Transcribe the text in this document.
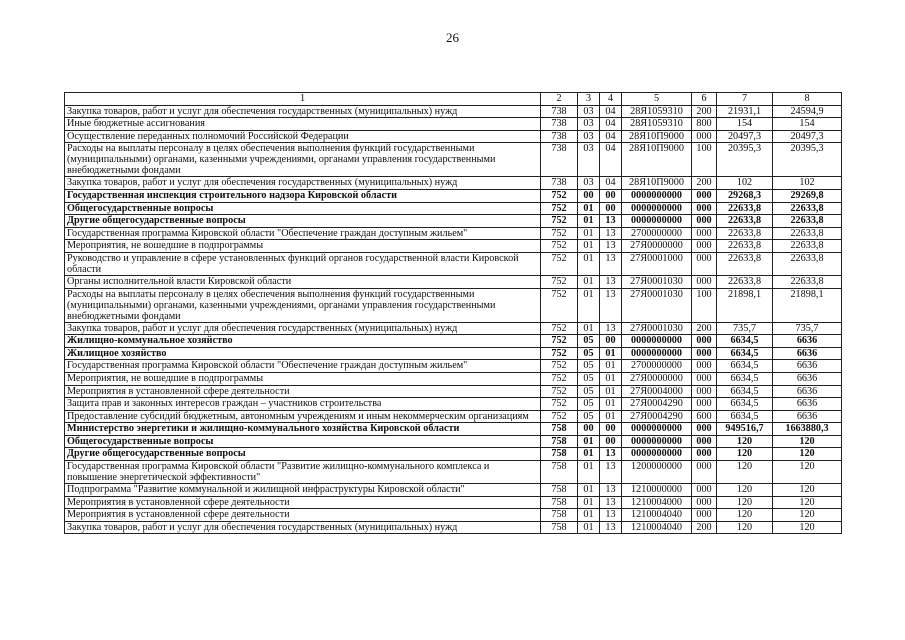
26
1	2	3	4	5	6	7	8
Закупка товаров, работ и услуг для обеспечения государственных (муниципальных) нужд	738	03	04	28Я1059310	200	21931,1	24594,9
Иные бюджетные ассигнования	738	03	04	28Я1059310	800	154	154
Осуществление переданных полномочий Российской Федерации	738	03	04	28Я10П9000	000	20497,3	20497,3
Расходы на выплаты персоналу в целях обеспечения выполнения функций государственными (муниципальными) органами, казенными учреждениями, органами управления государственными внебюджетными фондами	738	03	04	28Я10П9000	100	20395,3	20395,3
Закупка товаров, работ и услуг для обеспечения государственных (муниципальных) нужд	738	03	04	28Я10П9000	200	102	102
Государственная инспекция строительного надзора Кировской области	752	00	00	0000000000	000	29268,3	29269,8
Общегосударственные вопросы	752	01	00	0000000000	000	22633,8	22633,8
Другие общегосударственные вопросы	752	01	13	0000000000	000	22633,8	22633,8
Государственная программа Кировской области "Обеспечение граждан доступным жильем"	752	01	13	2700000000	000	22633,8	22633,8
Мероприятия, не вошедшие в подпрограммы	752	01	13	27Я0000000	000	22633,8	22633,8
Руководство и управление в сфере установленных функций органов государственной власти Кировской области	752	01	13	27Я0001000	000	22633,8	22633,8
Органы исполнительной власти Кировской области	752	01	13	27Я0001030	000	22633,8	22633,8
Расходы на выплаты персоналу в целях обеспечения выполнения функций государственными (муниципальными) органами, казенными учреждениями, органами управления государственными внебюджетными фондами	752	01	13	27Я0001030	100	21898,1	21898,1
Закупка товаров, работ и услуг для обеспечения государственных (муниципальных) нужд	752	01	13	27Я0001030	200	735,7	735,7
Жилищно-коммунальное хозяйство	752	05	00	0000000000	000	6634,5	6636
Жилищное хозяйство	752	05	01	0000000000	000	6634,5	6636
Государственная программа Кировской области "Обеспечение граждан доступным жильем"	752	05	01	2700000000	000	6634,5	6636
Мероприятия, не вошедшие в подпрограммы	752	05	01	27Я0000000	000	6634,5	6636
Мероприятия в установленной сфере деятельности	752	05	01	27Я0004000	000	6634,5	6636
Защита прав и законных интересов граждан – участников строительства	752	05	01	27Я0004290	000	6634,5	6636
Предоставление субсидий бюджетным, автономным учреждениям и иным некоммерческим организациям	752	05	01	27Я0004290	600	6634,5	6636
Министерство энергетики и жилищно-коммунального хозяйства Кировской области	758	00	00	0000000000	000	949516,7	1663880,3
Общегосударственные вопросы	758	01	00	0000000000	000	120	120
Другие общегосударственные вопросы	758	01	13	0000000000	000	120	120
Государственная программа Кировской области "Развитие жилищно-коммунального комплекса и повышение энергетической эффективности"	758	01	13	1200000000	000	120	120
Подпрограмма "Развитие коммунальной и жилищной инфраструктуры Кировской области"	758	01	13	1210000000	000	120	120
Мероприятия в установленной сфере деятельности	758	01	13	1210004000	000	120	120
Мероприятия в установленной сфере деятельности	758	01	13	1210004040	000	120	120
Закупка товаров, работ и услуг для обеспечения государственных (муниципальных) нужд	758	01	13	1210004040	200	120	120
